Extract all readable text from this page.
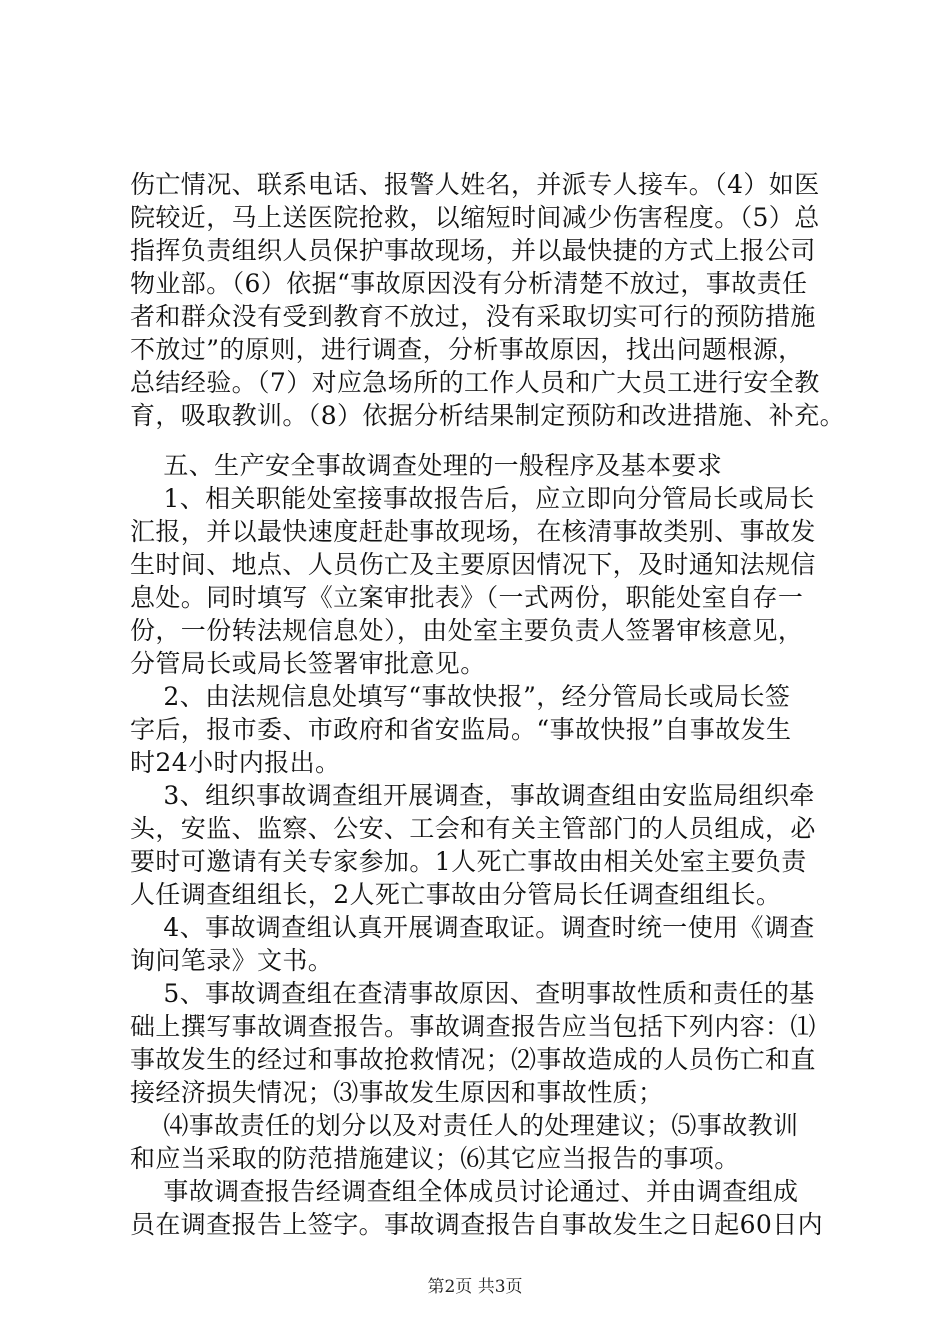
伤亡情况、联系电话、报警人姓名，并派专人接车。（4）如医
院较近，马上送医院抢救，以缩短时间减少伤害程度。（5）总
指挥负责组织人员保护事故现场，并以最快捷的方式上报公司
物业部。（6）依据“事故原因没有分析清楚不放过，事故责任
者和群众没有受到教育不放过，没有采取切实可行的预防措施
不放过”的原则，进行调查，分析事故原因，找出问题根源，
总结经验。（7）对应急场所的工作人员和广大员工进行安全教
育，吸取教训。（8）依据分析结果制定预防和改进措施、补充。
五、生产安全事故调查处理的一般程序及基本要求
1、相关职能处室接事故报告后，应立即向分管局长或局长
汇报，并以最快速度赶赴事故现场，在核清事故类别、事故发
生时间、地点、人员伤亡及主要原因情况下，及时通知法规信
息处。同时填写《立案审批表》（一式两份，职能处室自存一
份，一份转法规信息处），由处室主要负责人签署审核意见，
分管局长或局长签署审批意见。
2、由法规信息处填写“事故快报”，经分管局长或局长签
字后，报市委、市政府和省安监局。“事故快报”自事故发生
时24小时内报出。
3、组织事故调查组开展调查，事故调查组由安监局组织牵
头，安监、监察、公安、工会和有关主管部门的人员组成，必
要时可邀请有关专家参加。1人死亡事故由相关处室主要负责
人任调查组组长，2人死亡事故由分管局长任调查组组长。
4、事故调查组认真开展调查取证。调查时统一使用《调查
询问笔录》文书。
5、事故调查组在查清事故原因、查明事故性质和责任的基
础上撰写事故调查报告。事故调查报告应当包括下列内容：⑴
事故发生的经过和事故抢救情况；⑵事故造成的人员伤亡和直
接经济损失情况；⑶事故发生原因和事故性质；
⑷事故责任的划分以及对责任人的处理建议；⑸事故教训
和应当采取的防范措施建议；⑹其它应当报告的事项。
事故调查报告经调查组全体成员讨论通过、并由调查组成
员在调查报告上签字。事故调查报告自事故发生之日起60日内
第2页 共3页
